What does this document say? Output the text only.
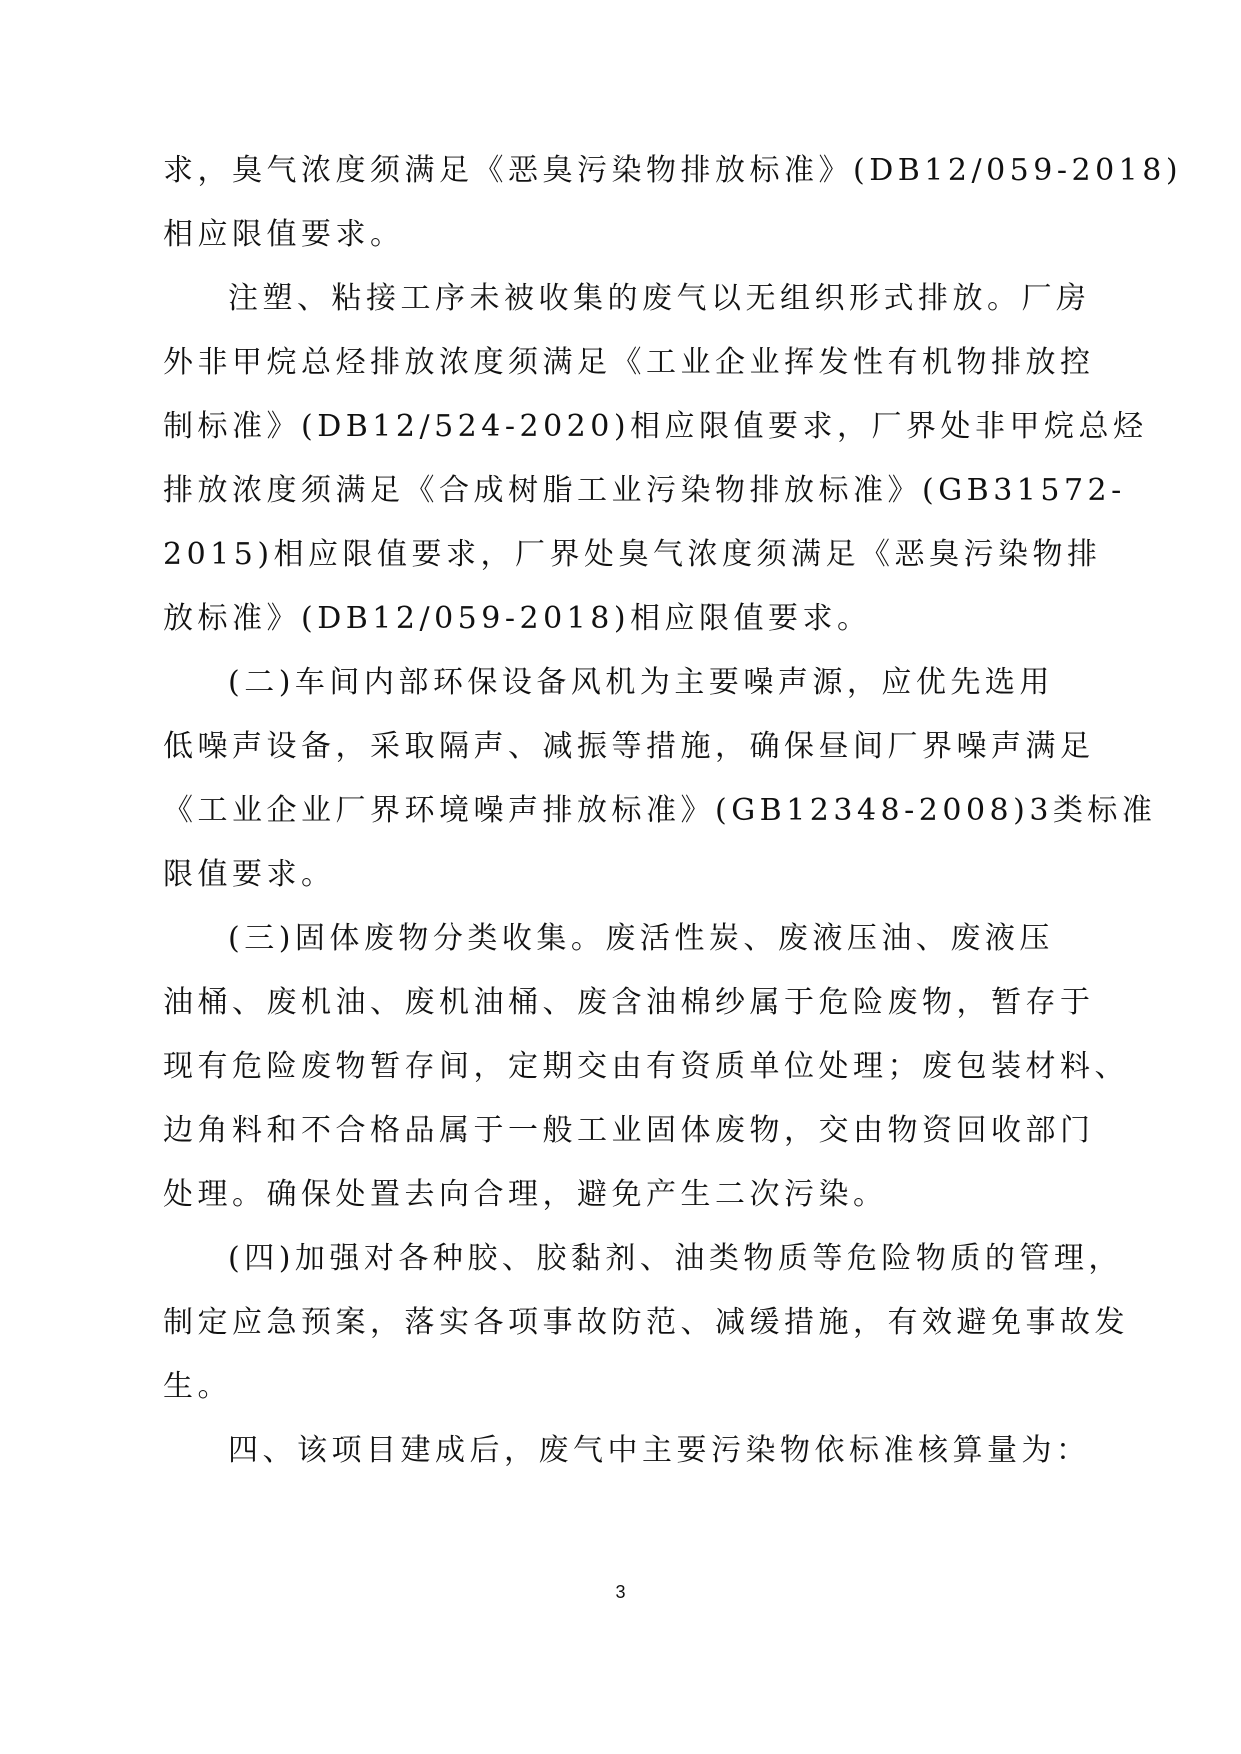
求，臭气浓度须满足《恶臭污染物排放标准》(DB12/059-2018)
相应限值要求。
注塑、粘接工序未被收集的废气以无组织形式排放。厂房
外非甲烷总烃排放浓度须满足《工业企业挥发性有机物排放控
制标准》(DB12/524-2020)相应限值要求，厂界处非甲烷总烃
排放浓度须满足《合成树脂工业污染物排放标准》(GB31572-
2015)相应限值要求，厂界处臭气浓度须满足《恶臭污染物排
放标准》(DB12/059-2018)相应限值要求。
(二)车间内部环保设备风机为主要噪声源，应优先选用
低噪声设备，采取隔声、减振等措施，确保昼间厂界噪声满足
《工业企业厂界环境噪声排放标准》(GB12348-2008)3类标准
限值要求。
(三)固体废物分类收集。废活性炭、废液压油、废液压
油桶、废机油、废机油桶、废含油棉纱属于危险废物，暂存于
现有危险废物暂存间，定期交由有资质单位处理；废包装材料、
边角料和不合格品属于一般工业固体废物，交由物资回收部门
处理。确保处置去向合理，避免产生二次污染。
(四)加强对各种胶、胶黏剂、油类物质等危险物质的管理，
制定应急预案，落实各项事故防范、减缓措施，有效避免事故发
生。
四、该项目建成后，废气中主要污染物依标准核算量为：
3
